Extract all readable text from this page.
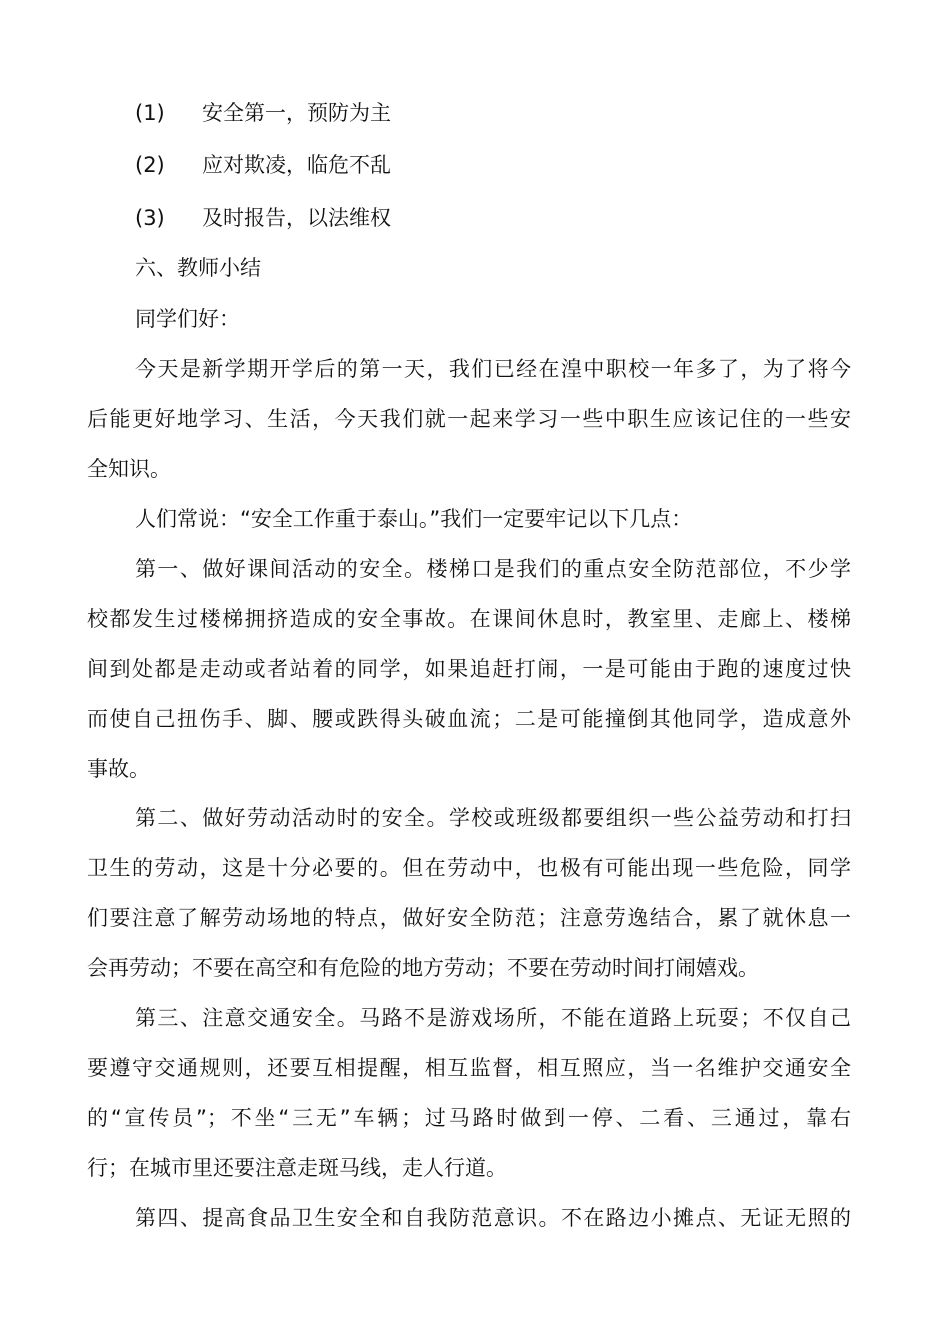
(1) 安全第一，预防为主
(2) 应对欺凌，临危不乱
(3) 及时报告，以法维权
六、教师小结
同学们好：
今天是新学期开学后的第一天，我们已经在湟中职校一年多了，为了将今
后能更好地学习、生活，今天我们就一起来学习一些中职生应该记住的一些安
全知识。
人们常说：“安全工作重于泰山。”我们一定要牢记以下几点：
第一、做好课间活动的安全。楼梯口是我们的重点安全防范部位，不少学
校都发生过楼梯拥挤造成的安全事故。在课间休息时，教室里、走廊上、楼梯
间到处都是走动或者站着的同学，如果追赶打闹，一是可能由于跑的速度过快
而使自己扭伤手、脚、腰或跌得头破血流；二是可能撞倒其他同学，造成意外
事故。
第二、做好劳动活动时的安全。学校或班级都要组织一些公益劳动和打扫
卫生的劳动，这是十分必要的。但在劳动中，也极有可能出现一些危险，同学
们要注意了解劳动场地的特点，做好安全防范；注意劳逸结合，累了就休息一
会再劳动；不要在高空和有危险的地方劳动；不要在劳动时间打闹嬉戏。
第三、注意交通安全。马路不是游戏场所，不能在道路上玩耍；不仅自己
要遵守交通规则，还要互相提醒，相互监督，相互照应，当一名维护交通安全
的“宣传员”；不坐“三无”车辆；过马路时做到一停、二看、三通过，靠右
行；在城市里还要注意走斑马线，走人行道。
第四、提高食品卫生安全和自我防范意识。不在路边小摊点、无证无照的
